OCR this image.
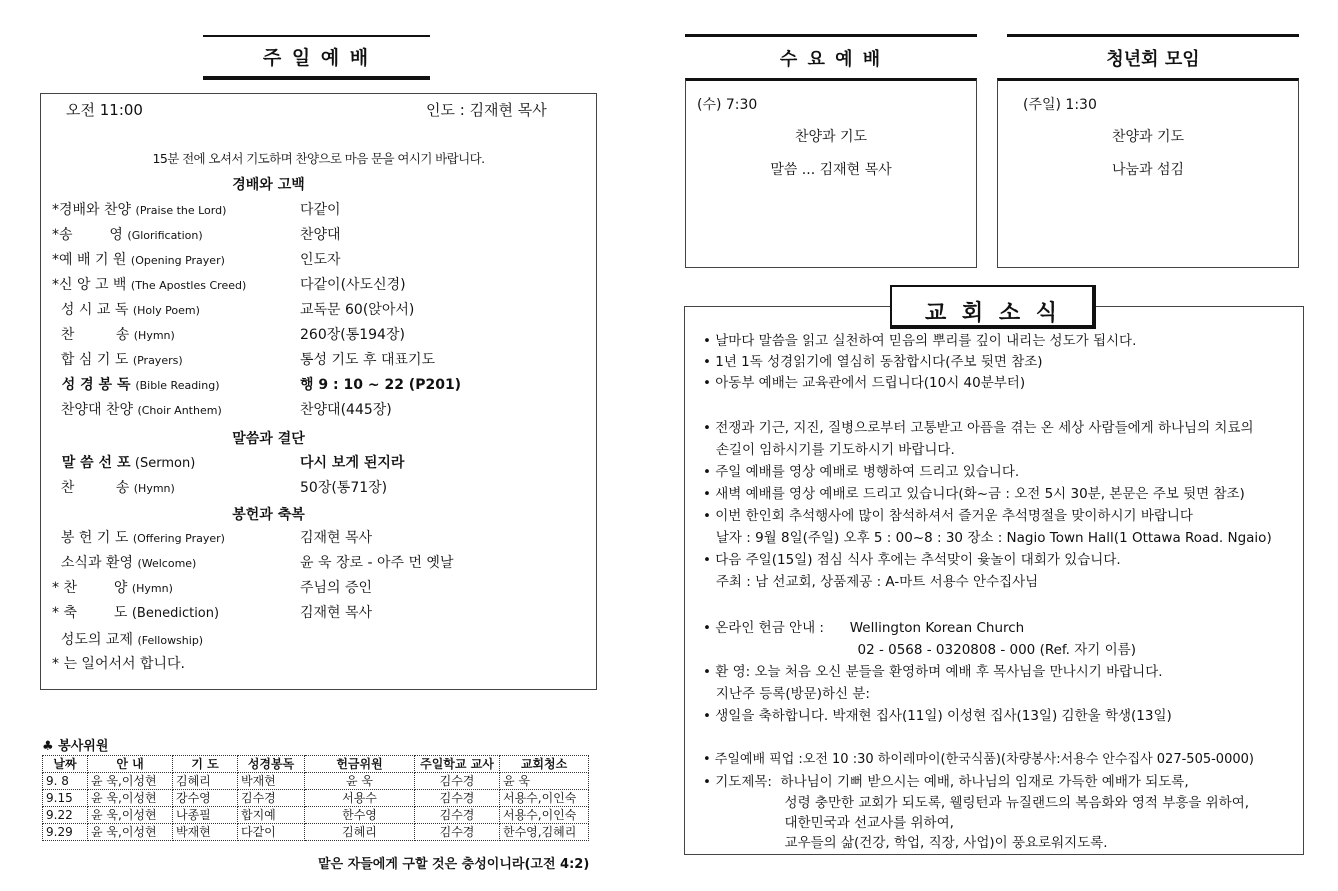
주 일 예 배
오전 11:00	인도 : 김재현 목사
15분 전에 오셔서 기도하며 찬양으로 마음 문을 여시기 바랍니다.
경배와 고백
말씀과 결단
봉헌과 축복
*경배와 찬양 (Praise the Lord)	다같이
*송 　 　영 (Glorification)	찬양대
*예 배 기 원 (Opening Prayer)	인도자
*신 앙 고 백 (The Apostles Creed)	다같이(사도신경)
성 시 교 독 (Holy Poem)	교독문 60(앉아서)
찬 　 　 송 (Hymn)	260장(통194장)
합 심 기 도 (Prayers)	통성 기도 후 대표기도
성 경 봉 독 (Bible Reading)	행 9 : 10 ~ 22 (P201)
찬양대 찬양 (Choir Anthem)	찬양대(445장)
말 씀 선 포 (Sermon)	다시 보게 된지라
찬 　 　 송 (Hymn)	50장(통71장)
봉 헌 기 도 (Offering Prayer)	김재현 목사
소식과 환영 (Welcome)	윤 욱 장로 - 아주 먼 옛날
* 찬 　 　양 (Hymn)	주님의 증인
* 축 　 　도 (Benediction)	김재현 목사
성도의 교제 (Fellowship)
* 는 일어서서 합니다.
♣ 봉사위원
날짜	안 내	기 도	성경봉독	헌금위원	주일학교 교사	교회청소
9. 8	윤 욱,이성현	김혜리	박재현	윤 욱	김수경	윤 욱
9.15	윤 욱,이성현	강수영	김수경	서용수	김수경	서용수,이인숙
9.22	윤 욱,이성현	나종필	합지예	한수영	김수경	서용수,이인숙
9.29	윤 욱,이성현	박재현	다같이	김혜리	김수경	한수영,김혜리
맡은 자들에게 구할 것은 충성이니라(고전 4:2)
수 요 예 배
(수) 7:30
찬양과 기도
말씀 ... 김재현 목사
청년회 모임
(주일) 1:30
찬양과 기도
나눔과 섬김
교 회 소 식
• 날마다 말씀을 읽고 실천하여 믿음의 뿌리를 깊이 내리는 성도가 됩시다.
• 1년 1독 성경읽기에 열심히 동참합시다(주보 뒷면 참조)
• 아동부 예배는 교육관에서 드립니다(10시 40분부터)
• 전쟁과 기근, 지진, 질병으로부터 고통받고 아픔을 겪는 온 세상 사람들에게 하나님의 치료의
손길이 임하시기를 기도하시기 바랍니다.
• 주일 예배를 영상 예배로 병행하여 드리고 있습니다.
• 새벽 예배를 영상 예배로 드리고 있습니다(화~금 : 오전 5시 30분, 본문은 주보 뒷면 참조)
• 이번 한인회 추석행사에 많이 참석하셔서 즐거운 추석명절을 맞이하시기 바랍니다
날자 : 9월 8일(주일) 오후 5 : 00~8 : 30 장소 : Nagio Town Hall(1 Ottawa Road. Ngaio)
• 다음 주일(15일) 점심 식사 후에는 추석맞이 윷놀이 대회가 있습니다.
주최 : 남 선교회, 상품제공 : A-마트 서용수 안수집사님
• 온라인 헌금 안내 :      Wellington Korean Church
02 - 0568 - 0320808 - 000 (Ref. 자기 이름)
• 환 영: 오늘 처음 오신 분들을 환영하며 예배 후 목사님을 만나시기 바랍니다.
지난주 등록(방문)하신 분:
• 생일을 축하합니다. 박재현 집사(11일) 이성현 집사(13일) 김한울 학생(13일)
• 주일예배 픽업 :오전 10 :30 하이레마이(한국식품)(차량봉사:서용수 안수집사 027-505-0000)
• 기도제목:  하나님이 기뻐 받으시는 예배, 하나님의 임재로 가득한 예배가 되도록,
성령 충만한 교회가 되도록, 웰링턴과 뉴질랜드의 복음화와 영적 부흥을 위하여,
대한민국과 선교사를 위하여,
교우들의 삶(건강, 학업, 직장, 사업)이 풍요로워지도록.
